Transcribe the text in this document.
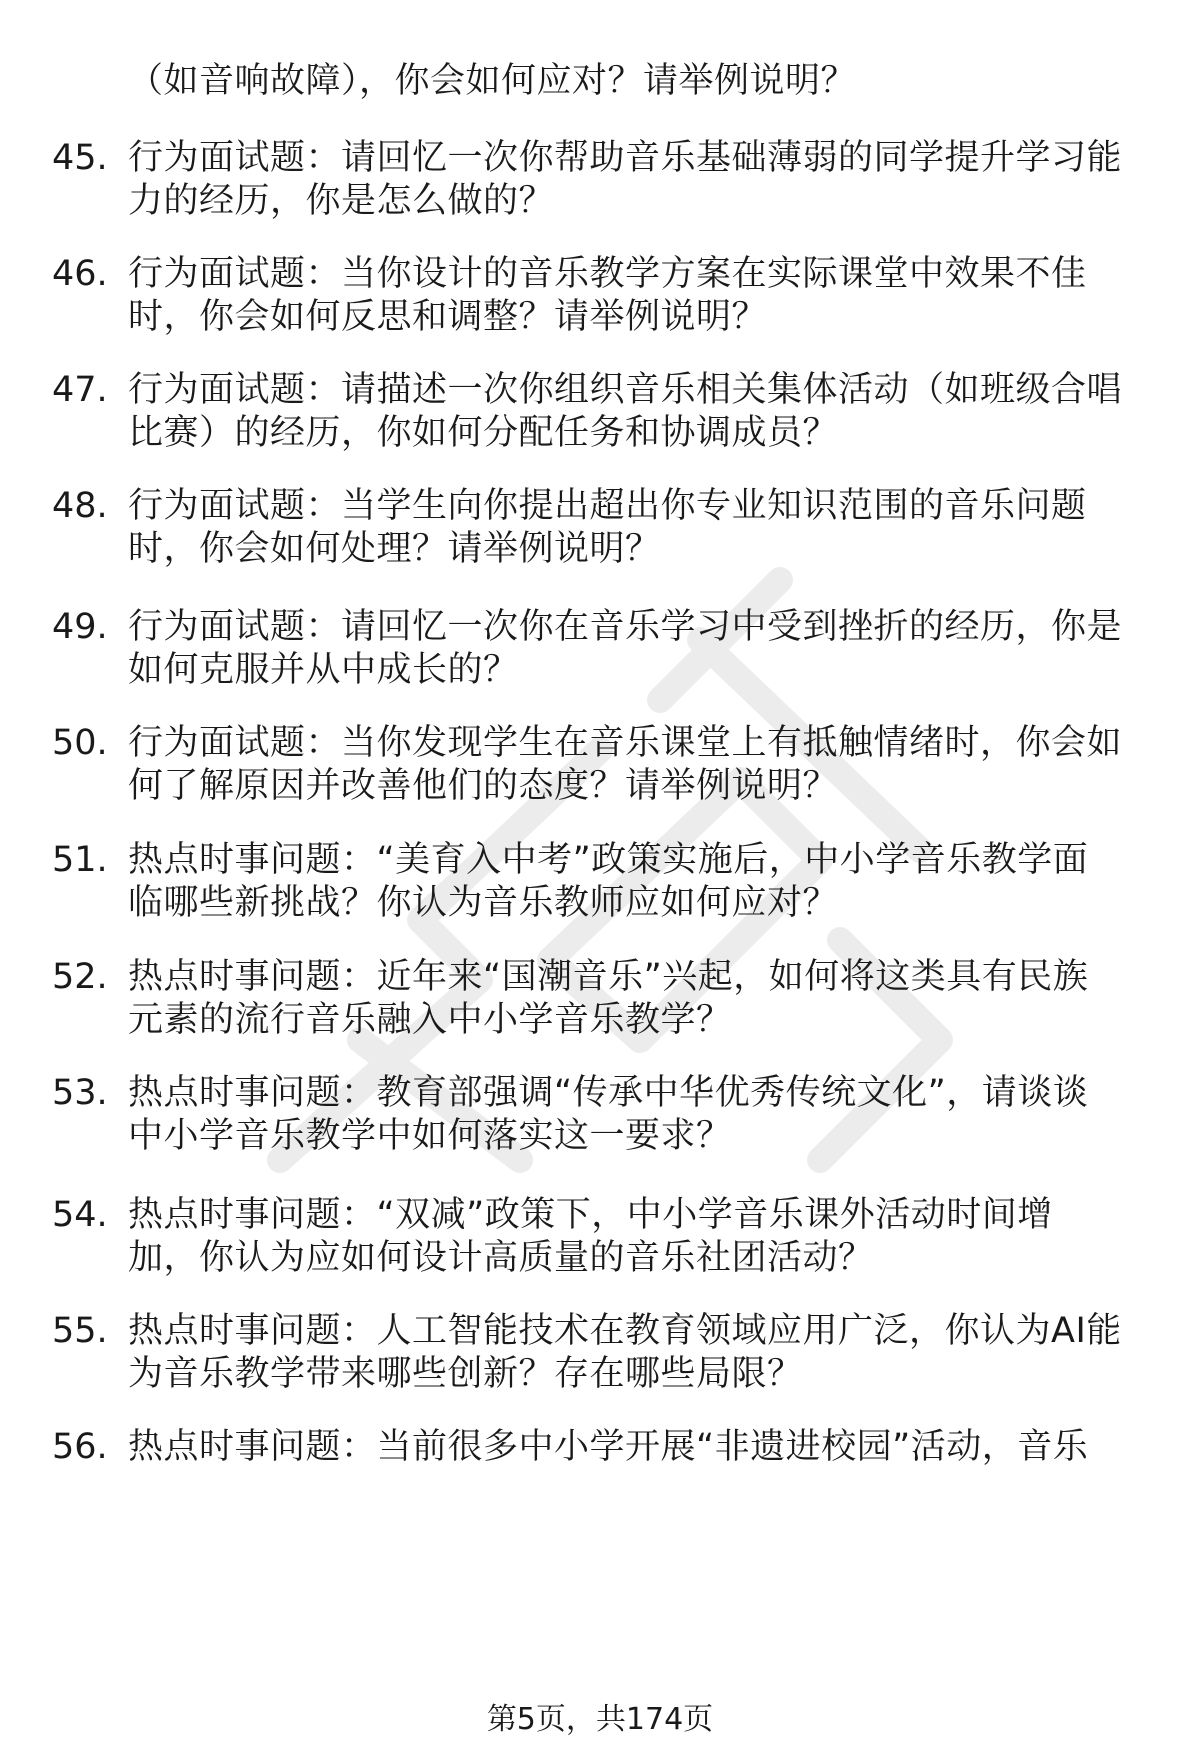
（如音响故障），你会如何应对？请举例说明？
45. 行为面试题：请回忆一次你帮助音乐基础薄弱的同学提升学习能
力的经历，你是怎么做的？
46. 行为面试题：当你设计的音乐教学方案在实际课堂中效果不佳
时，你会如何反思和调整？请举例说明？
47. 行为面试题：请描述一次你组织音乐相关集体活动（如班级合唱
比赛）的经历，你如何分配任务和协调成员？
48. 行为面试题：当学生向你提出超出你专业知识范围的音乐问题
时，你会如何处理？请举例说明？
49. 行为面试题：请回忆一次你在音乐学习中受到挫折的经历，你是
如何克服并从中成长的？
50. 行为面试题：当你发现学生在音乐课堂上有抵触情绪时，你会如
何了解原因并改善他们的态度？请举例说明？
51. 热点时事问题：“美育入中考”政策实施后，中小学音乐教学面
临哪些新挑战？你认为音乐教师应如何应对？
52. 热点时事问题：近年来“国潮音乐”兴起，如何将这类具有民族
元素的流行音乐融入中小学音乐教学？
53. 热点时事问题：教育部强调“传承中华优秀传统文化”，请谈谈
中小学音乐教学中如何落实这一要求？
54. 热点时事问题：“双减”政策下，中小学音乐课外活动时间增
加，你认为应如何设计高质量的音乐社团活动？
55. 热点时事问题：人工智能技术在教育领域应用广泛，你认为AI能
为音乐教学带来哪些创新？存在哪些局限？
56. 热点时事问题：当前很多中小学开展“非遗进校园”活动，音乐
第5页，共174页
